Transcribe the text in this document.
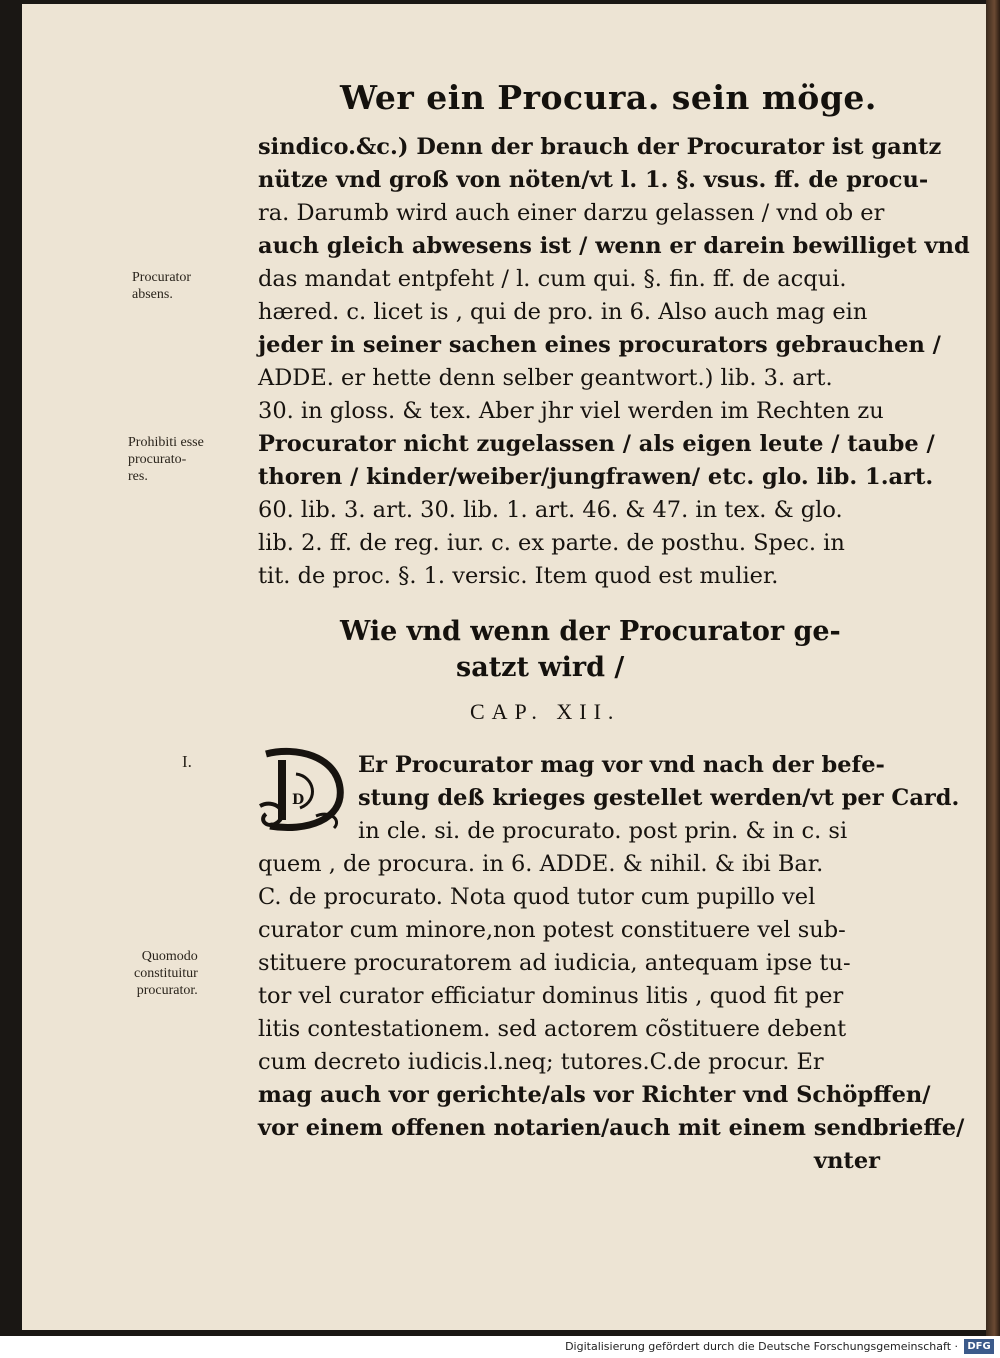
Wer ein Procura. sein möge.
sindico.&c.) Denn der brauch der Procurator ist gantz
nütze vnd groß von nöten/vt l. 1. §. vsus. ff. de procu-
ra. Darumb wird auch einer darzu gelassen / vnd ob er
auch gleich abwesens ist / wenn er darein bewilliget vnd
das mandat entpfeht / l. cum qui. §. fin. ff. de acqui.
hæred. c. licet is , qui de pro. in 6. Also auch mag ein
jeder in seiner sachen eines procurators gebrauchen /
ADDE. er hette denn selber geantwort.) lib. 3. art.
30. in gloss. & tex. Aber jhr viel werden im Rechten zu
Procurator nicht zugelassen / als eigen leute / taube /
thoren / kinder/weiber/jungfrawen/ etc. glo. lib. 1.art.
60. lib. 3. art. 30. lib. 1. art. 46. & 47. in tex. & glo.
lib. 2. ff. de reg. iur. c. ex parte. de posthu. Spec. in
tit. de proc. §. 1. versic. Item quod est mulier.
Procurator
absens.
Prohibiti esse
procurato-
res.
Quomodo
constituitur
procurator.
Wie vnd wenn der Procurator ge-
satzt wird /
CAP. XII.
I.
D
Er Procurator mag vor vnd nach der befe-
stung deß krieges gestellet werden/vt per Card.
in cle. si. de procurato. post prin. & in c. si
quem , de procura. in 6. ADDE. & nihil. & ibi Bar.
C. de procurato. Nota quod tutor cum pupillo vel
curator cum minore,non potest constituere vel sub-
stituere procuratorem ad iudicia, antequam ipse tu-
tor vel curator efficiatur dominus litis , quod fit per
litis contestationem. sed actorem cõstituere debent
cum decreto iudicis.l.neq; tutores.C.de procur. Er
mag auch vor gerichte/als vor Richter vnd Schöpffen/
vor einem offenen notarien/auch mit einem sendbrieffe/
vnter
Digitalisierung gefördert durch die Deutsche Forschungsgemeinschaft · DFG
